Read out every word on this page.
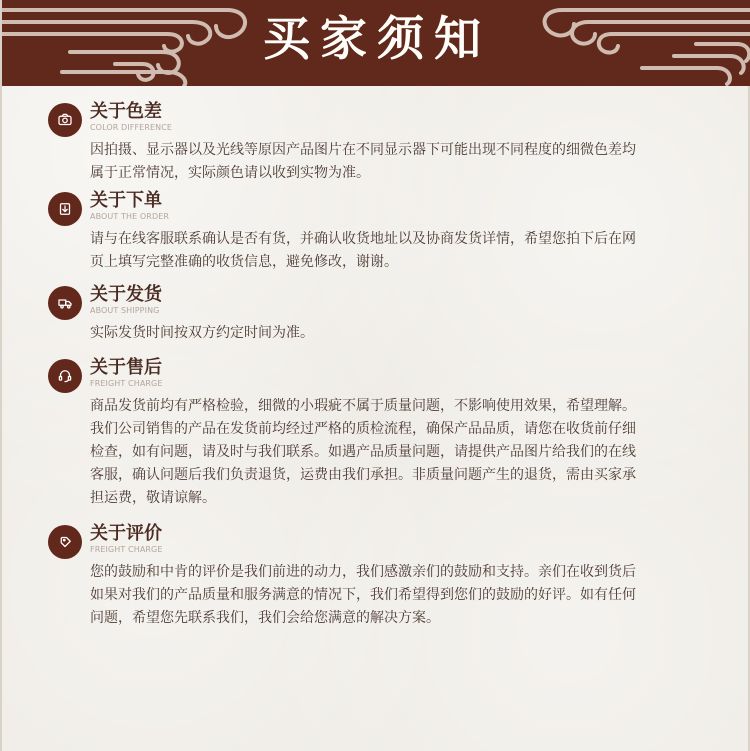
买家须知
关于色差
COLOR DIFFERENCE
因拍摄、显示器以及光线等原因产品图片在不同显示器下可能出现不同程度的细微色差均
属于正常情况，实际颜色请以收到实物为准。
关于下单
ABOUT THE ORDER
请与在线客服联系确认是否有货，并确认收货地址以及协商发货详情，希望您拍下后在网
页上填写完整准确的收货信息，避免修改，谢谢。
关于发货
ABOUT SHIPPING
实际发货时间按双方约定时间为准。
关于售后
FREIGHT CHARGE
商品发货前均有严格检验，细微的小瑕疵不属于质量问题，不影响使用效果，希望理解。
我们公司销售的产品在发货前均经过严格的质检流程，确保产品品质，请您在收货前仔细
检查，如有问题，请及时与我们联系。如遇产品质量问题，请提供产品图片给我们的在线
客服，确认问题后我们负责退货，运费由我们承担。非质量问题产生的退货，需由买家承
担运费，敬请谅解。
关于评价
FREIGHT CHARGE
您的鼓励和中肯的评价是我们前进的动力，我们感激亲们的鼓励和支持。亲们在收到货后
如果对我们的产品质量和服务满意的情况下，我们希望得到您们的鼓励的好评。如有任何
问题，希望您先联系我们，我们会给您满意的解决方案。
